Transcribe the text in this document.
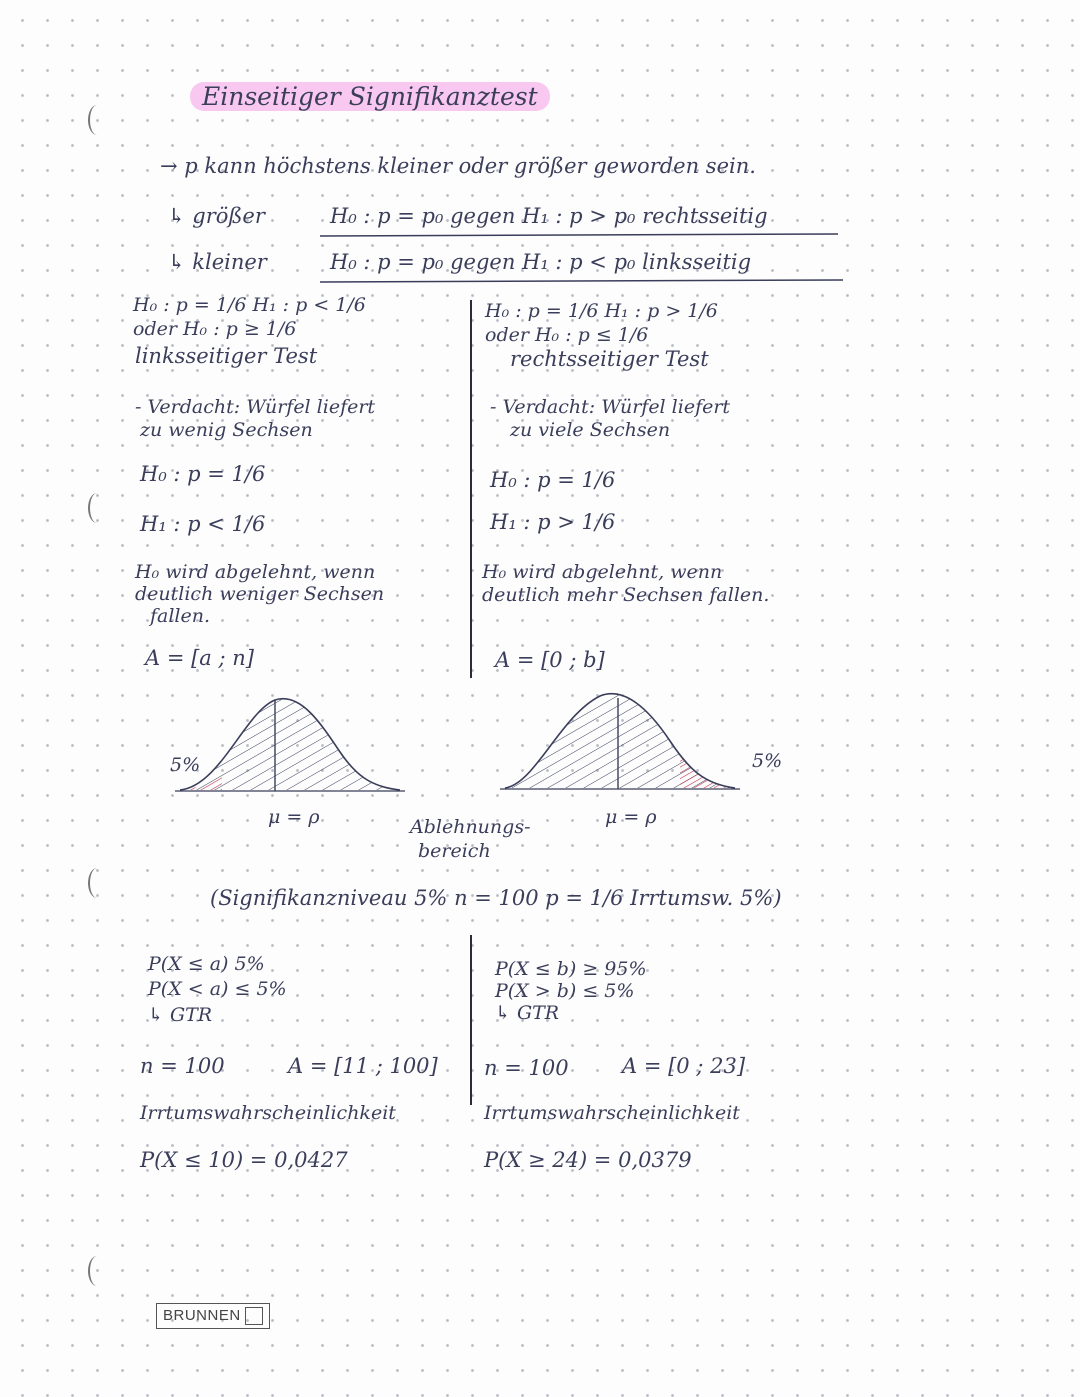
Einseitiger Signifikanztest
→ p kann höchstens kleiner oder größer geworden sein.
↳ größer	H₀ : p = p₀ gegen H₁ : p > p₀ rechtsseitig
↳ kleiner	H₀ : p = p₀ gegen H₁ : p < p₀ linksseitig
H₀ : p = 1/6 H₁ : p < 1/6
oder H₀ : p ≥ 1/6
linksseitiger Test
- Verdacht: Würfel liefert
zu wenig Sechsen
H₀ : p = 1/6
H₁ : p < 1/6
H₀ wird abgelehnt, wenn
deutlich weniger Sechsen
fallen.
A = [a ; n]
5%
μ = ρ
H₀ : p = 1/6 H₁ : p > 1/6
oder H₀ : p ≤ 1/6
rechtsseitiger Test
- Verdacht: Würfel liefert
zu viele Sechsen
H₀ : p = 1/6
H₁ : p > 1/6
H₀ wird abgelehnt, wenn
deutlich mehr Sechsen fallen.
A = [0 ; b]
5%
μ = ρ
Ablehnungs-
bereich
(Signifikanzniveau 5% n = 100 p = 1/6 Irrtumsw. 5%)
P(X ≤ a) 5%
P(X < a) ≤ 5%
↳ GTR
n = 100	A = [11 ; 100]
Irrtumswahrscheinlichkeit
P(X ≤ 10) = 0,0427
P(X ≤ b) ≥ 95%
P(X > b) ≤ 5%
↳ GTR
n = 100	A = [0 ; 23]
Irrtumswahrscheinlichkeit
P(X ≥ 24) = 0,0379
BRUNNEN
